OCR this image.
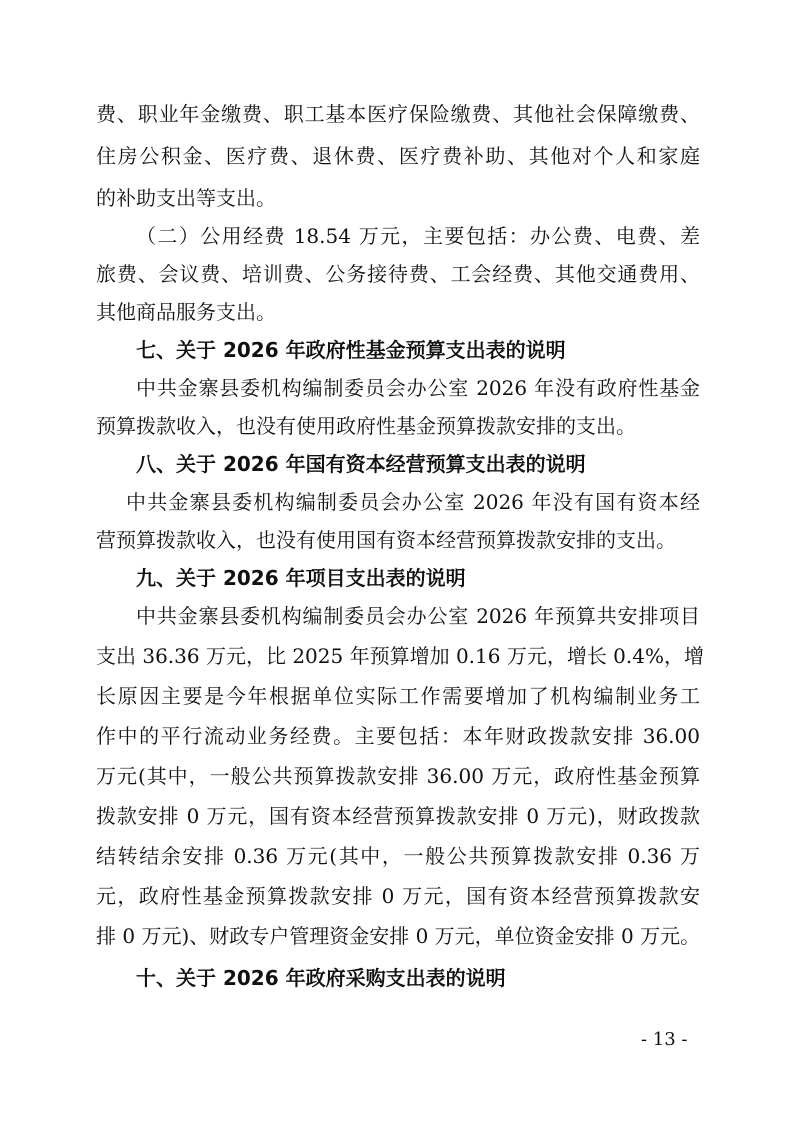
费、职业年金缴费、职工基本医疗保险缴费、其他社会保障缴费、
住房公积金、医疗费、退休费、医疗费补助、其他对个人和家庭
的补助支出等支出。
（二）公用经费 18.54 万元，主要包括：办公费、电费、差
旅费、会议费、培训费、公务接待费、工会经费、其他交通费用、
其他商品服务支出。
七、关于 2026 年政府性基金预算支出表的说明
中共金寨县委机构编制委员会办公室 2026 年没有政府性基金
预算拨款收入，也没有使用政府性基金预算拨款安排的支出。
八、关于 2026 年国有资本经营预算支出表的说明
中共金寨县委机构编制委员会办公室 2026 年没有国有资本经
营预算拨款收入，也没有使用国有资本经营预算拨款安排的支出。
九、关于 2026 年项目支出表的说明
中共金寨县委机构编制委员会办公室 2026 年预算共安排项目
支出 36.36 万元，比 2025 年预算增加 0.16 万元，增长 0.4%，增
长原因主要是今年根据单位实际工作需要增加了机构编制业务工
作中的平行流动业务经费。主要包括：本年财政拨款安排 36.00
万元(其中，一般公共预算拨款安排 36.00 万元，政府性基金预算
拨款安排 0 万元，国有资本经营预算拨款安排 0 万元)，财政拨款
结转结余安排 0.36 万元(其中，一般公共预算拨款安排 0.36 万
元，政府性基金预算拨款安排 0 万元，国有资本经营预算拨款安
排 0 万元)、财政专户管理资金安排 0 万元，单位资金安排 0 万元。
十、关于 2026 年政府采购支出表的说明
- 13 -
